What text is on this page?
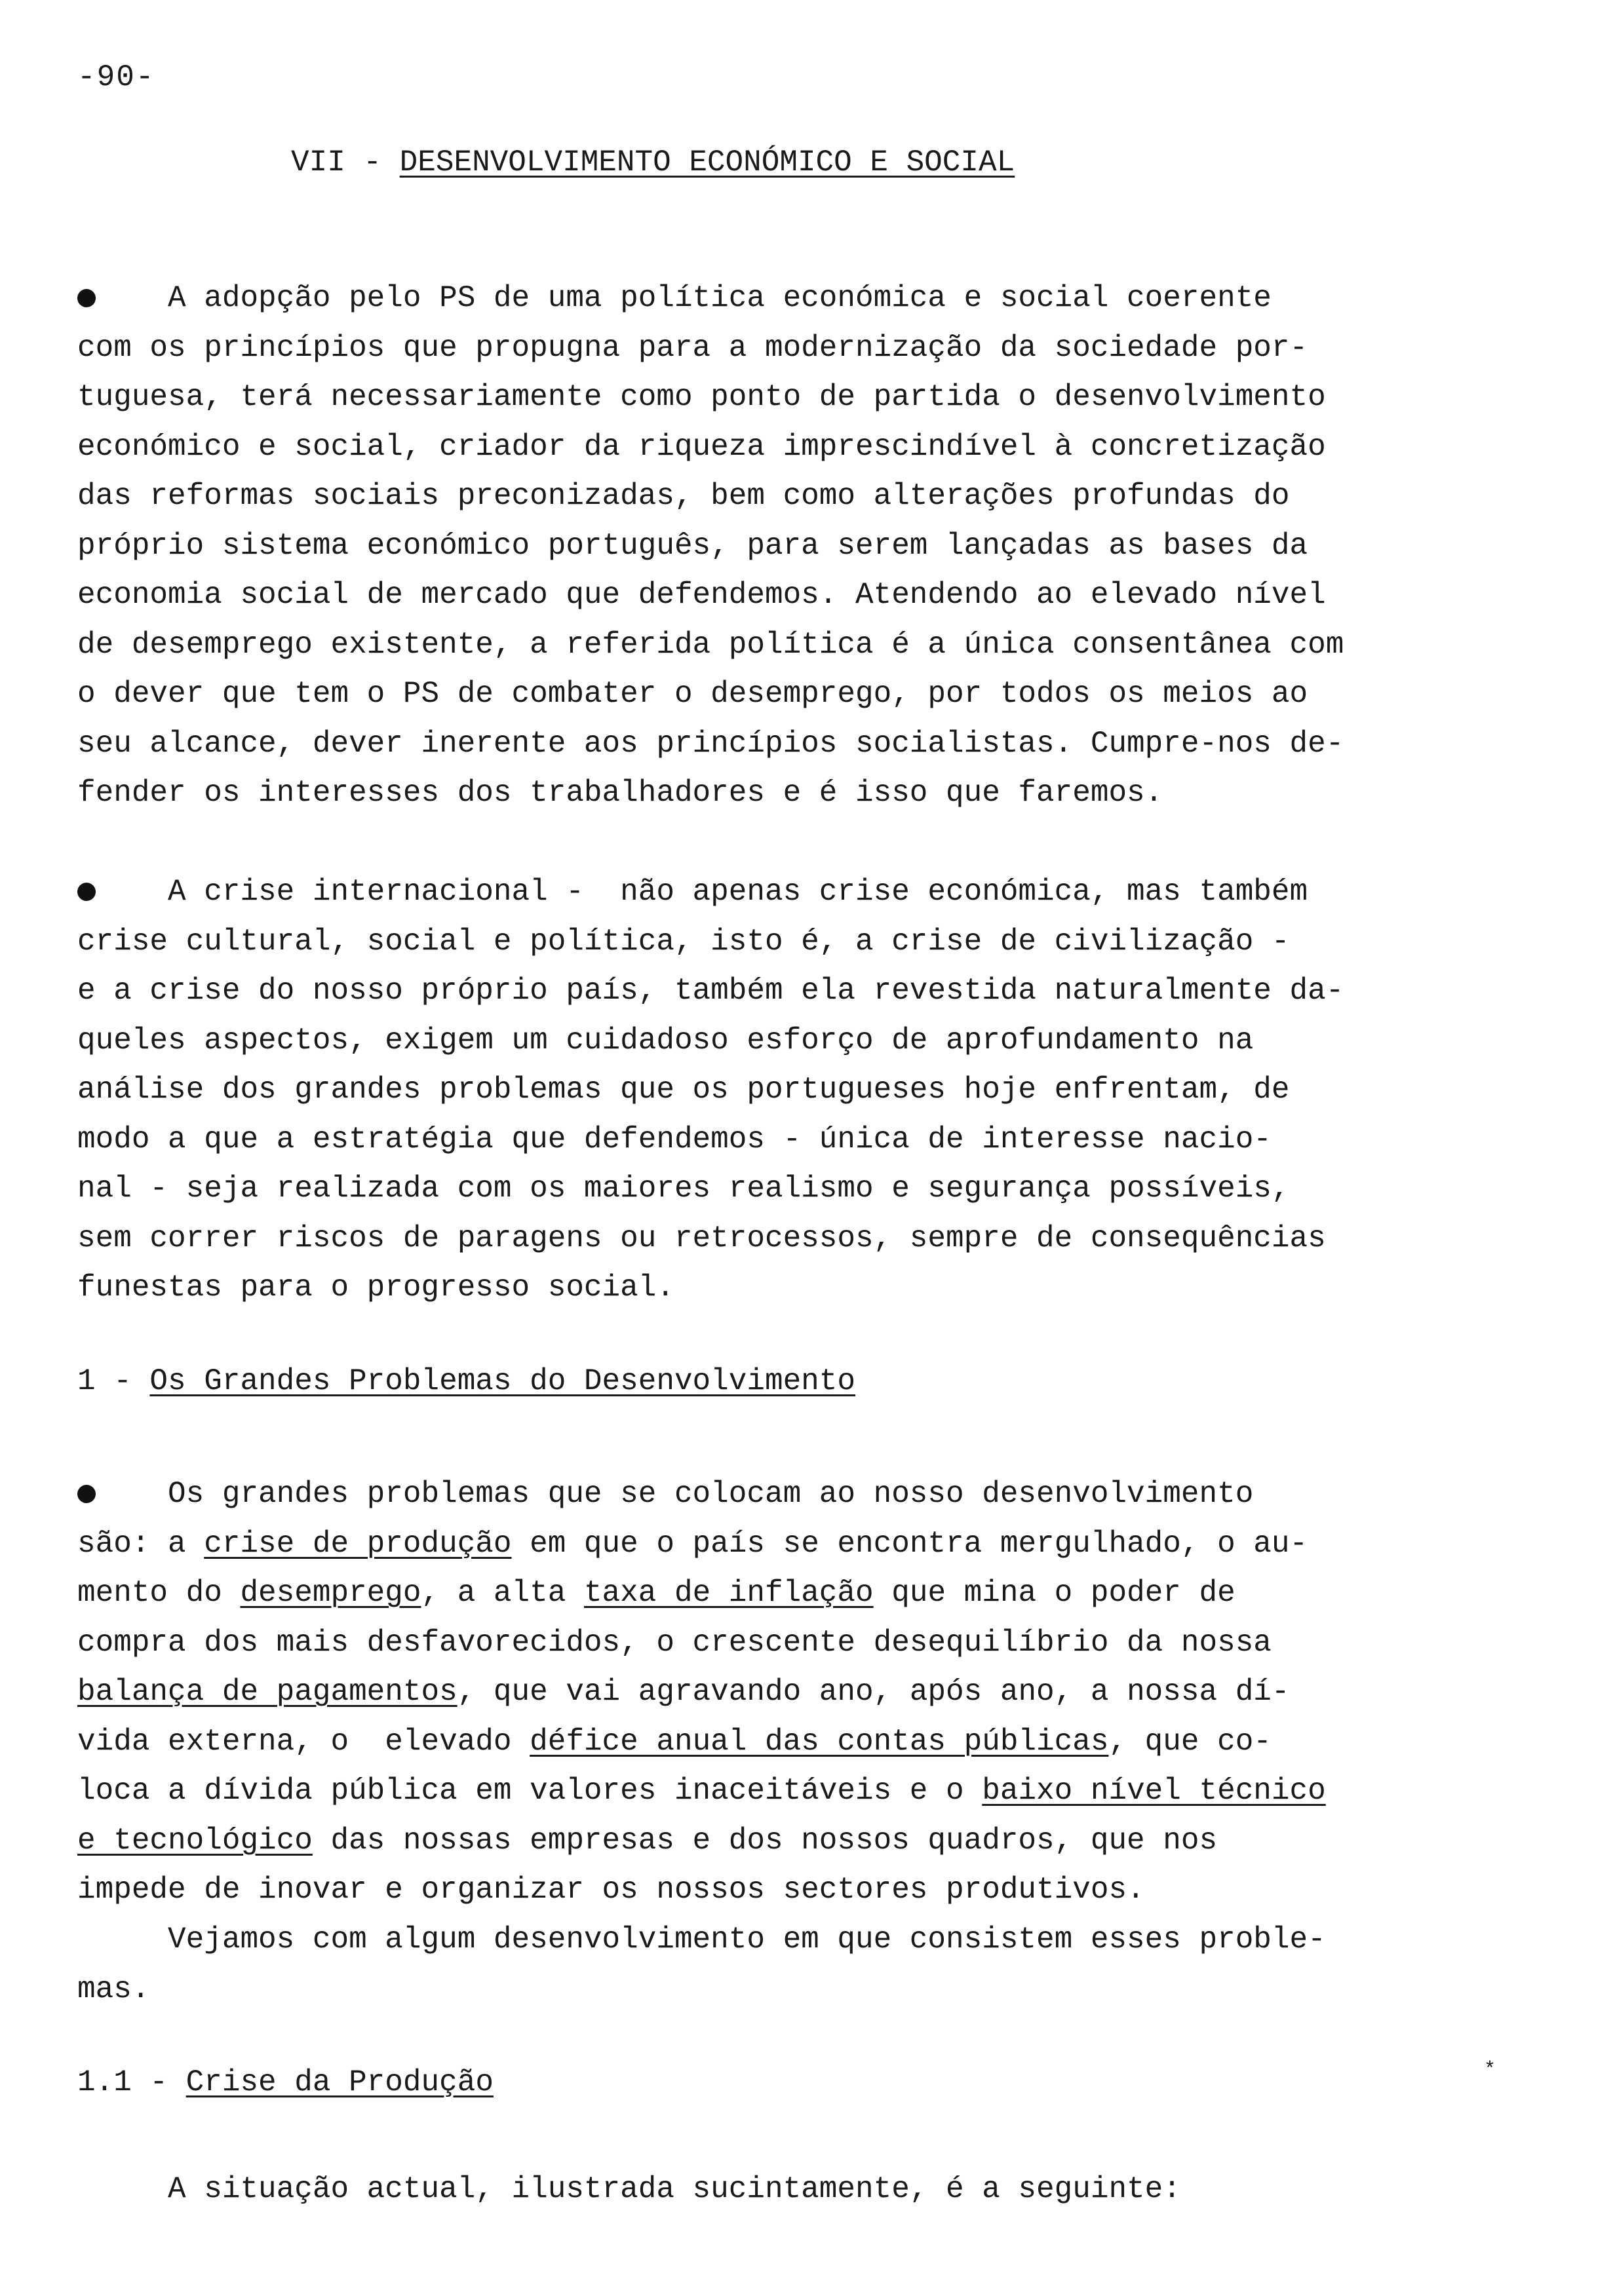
-90-
VII - DESENVOLVIMENTO ECONÓMICO E SOCIAL
A adopção pelo PS de uma política económica e social coerente
com os princípios que propugna para a modernização da sociedade por-
tuguesa, terá necessariamente como ponto de partida o desenvolvimento
económico e social, criador da riqueza imprescindível à concretização
das reformas sociais preconizadas, bem como alterações profundas do
próprio sistema económico português, para serem lançadas as bases da
economia social de mercado que defendemos. Atendendo ao elevado nível
de desemprego existente, a referida política é a única consentânea com
o dever que tem o PS de combater o desemprego, por todos os meios ao
seu alcance, dever inerente aos princípios socialistas. Cumpre-nos de-
fender os interesses dos trabalhadores e é isso que faremos.
A crise internacional -  não apenas crise económica, mas também
crise cultural, social e política, isto é, a crise de civilização -
e a crise do nosso próprio país, também ela revestida naturalmente da-
queles aspectos, exigem um cuidadoso esforço de aprofundamento na
análise dos grandes problemas que os portugueses hoje enfrentam, de
modo a que a estratégia que defendemos - única de interesse nacio-
nal - seja realizada com os maiores realismo e segurança possíveis,
sem correr riscos de paragens ou retrocessos, sempre de consequências
funestas para o progresso social.
1 - Os Grandes Problemas do Desenvolvimento
Os grandes problemas que se colocam ao nosso desenvolvimento
são: a crise de produção em que o país se encontra mergulhado, o au-
mento do desemprego, a alta taxa de inflação que mina o poder de
compra dos mais desfavorecidos, o crescente desequilíbrio da nossa
balança de pagamentos, que vai agravando ano, após ano, a nossa dí-
vida externa, o  elevado défice anual das contas públicas, que co-
loca a dívida pública em valores inaceitáveis e o baixo nível técnico
e tecnológico das nossas empresas e dos nossos quadros, que nos
impede de inovar e organizar os nossos sectores produtivos.
Vejamos com algum desenvolvimento em que consistem esses proble-
mas.
1.1 - Crise da Produção	*
A situação actual, ilustrada sucintamente, é a seguinte:
